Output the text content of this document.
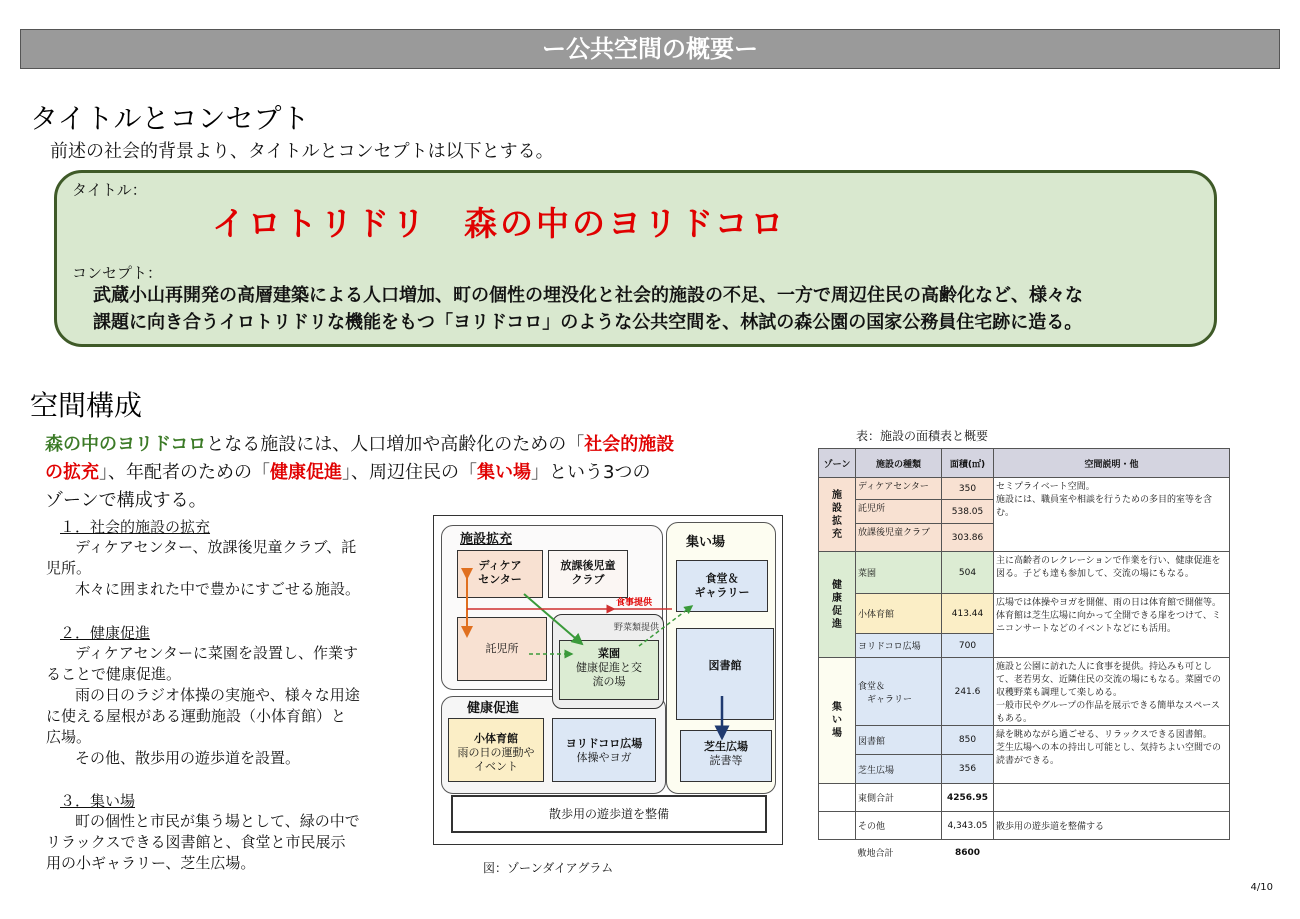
ー公共空間の概要ー
タイトルとコンセプト
前述の社会的背景より、タイトルとコンセプトは以下とする。
タイトル：
イロトリドリ　森の中のヨリドコロ
コンセプト：
武蔵小山再開発の高層建築による人口増加、町の個性の埋没化と社会的施設の不足、一方で周辺住民の高齢化など、様々な
課題に向き合うイロトリドリな機能をもつ「ヨリドコロ」のような公共空間を、林試の森公園の国家公務員住宅跡に造る。
空間構成
森の中のヨリドコロとなる施設には、人口増加や高齢化のための「社会的施設
の拡充」、年配者のための「健康促進」、周辺住民の「集い場」という3つの
ゾーンで構成する。
１．社会的施設の拡充
　ディケアセンター、放課後児童クラブ、託
児所。
　木々に囲まれた中で豊かにすごせる施設。
２．健康促進
　ディケアセンターに菜園を設置し、作業す
ることで健康促進。
　雨の日のラジオ体操の実施や、様々な用途
に使える屋根がある運動施設（小体育館）と
広場。
　その他、散歩用の遊歩道を設置。
３．集い場
　町の個性と市民が集う場として、緑の中で
リラックスできる図書館と、食堂と市民展示
用の小ギャラリー、芝生広場。
施設拡充	集い場
健康促進
ディケア
センター
放課後児童
クラブ
託児所	菜園
健康促進と交
流の場
食堂＆
ギャラリー
図書館
芝生広場
読書等
小体育館
雨の日の運動や
イベント
ヨリドコロ広場
体操やヨガ
散歩用の遊歩道を整備
食事提供
野菜類提供
図：ゾーンダイアグラム
表：施設の面積表と概要
ゾーン	施設の種類	面積(㎡)	空間説明・他
施設拡充	ディケアセンター	350	セミプライベート空間。
施設には、職員室や相談を行うための多目的室等を含む。
	託児所	538.05	
	放課後児童クラブ	303.86	
健康促進	菜園	504	主に高齢者のレクレーションで作業を行い、健康促進を図る。子ども達も参加して、交流の場にもなる。
	小体育館	413.44	広場では体操やヨガを開催、雨の日は体育館で開催等。
体育館は芝生広場に向かって全開できる扉をつけて、ミニコンサートなどのイベントなどにも活用。
	ヨリドコロ広場	700	
集い場	食堂＆
　ギャラリー	241.6	施設と公園に訪れた人に食事を提供。持込みも可として、老若男女、近隣住民の交流の場にもなる。菜園での収穫野菜も調理して楽しめる。
一般市民やグループの作品を展示できる簡単なスペースもある。
	図書館	850	緑を眺めながら過ごせる、リラックスできる図書館。
芝生広場への本の持出し可能とし、気持ちよい空間での読書ができる。
	芝生広場	356	
	東側合計	4256.95	
	その他	4,343.05	散歩用の遊歩道を整備する
	敷地合計	8600	
4/10
